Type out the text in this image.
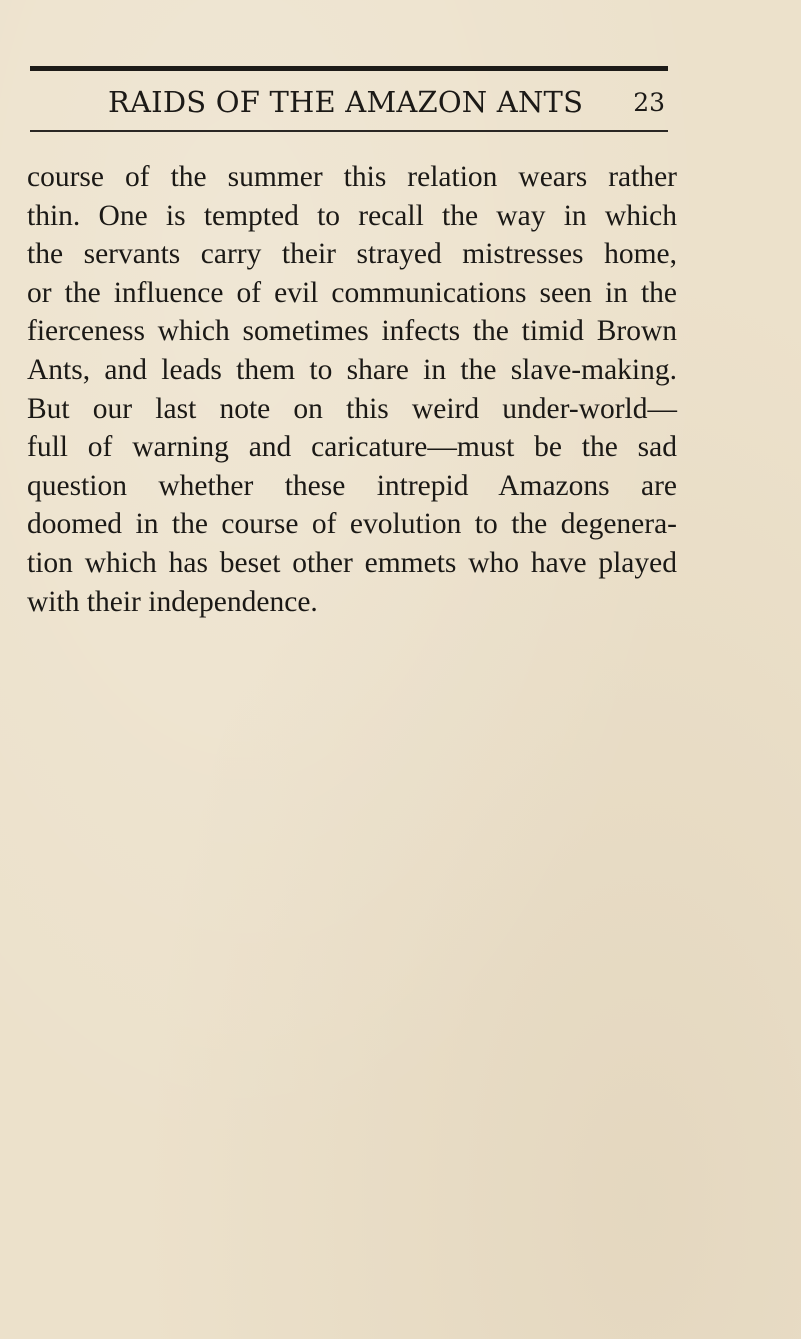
RAIDS OF THE AMAZON ANTS 23
course of the summer this relation wears rather
thin. One is tempted to recall the way in which
the servants carry their strayed mistresses home,
or the influence of evil communications seen in the
fierceness which sometimes infects the timid Brown
Ants, and leads them to share in the slave-making.
But our last note on this weird under-world—
full of warning and caricature—must be the sad
question whether these intrepid Amazons are
doomed in the course of evolution to the degenera-
tion which has beset other emmets who have played
with their independence.
